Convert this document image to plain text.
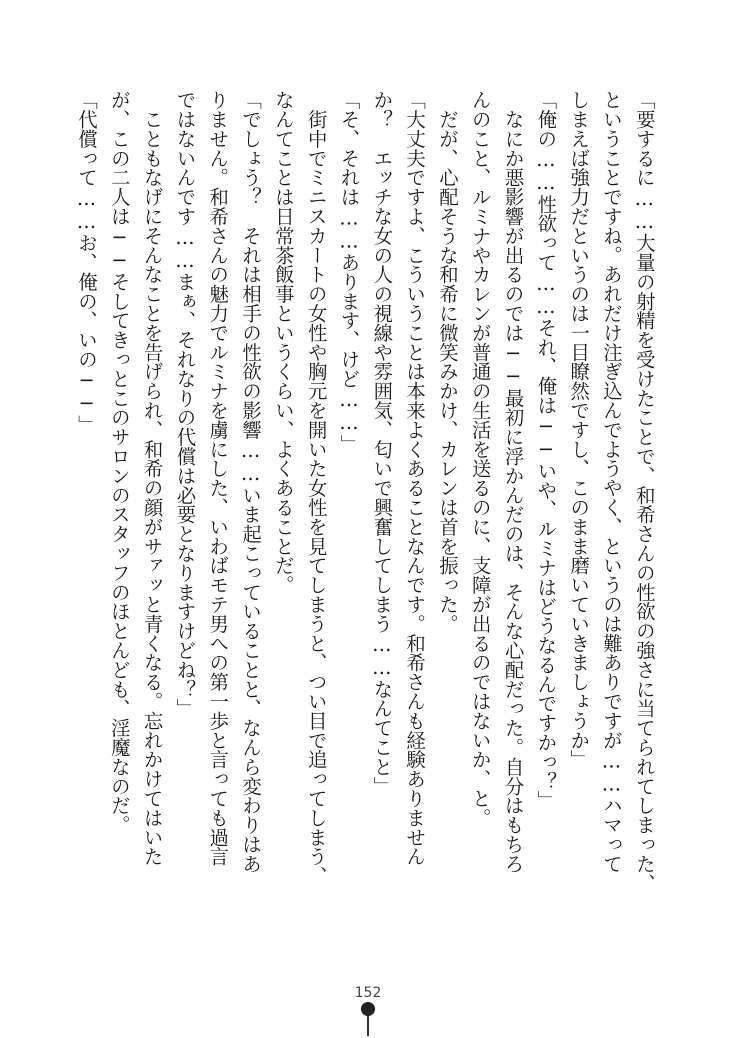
「要するに……大量の射精を受けたことで、和希さんの性欲の強さに当てられてしまった、
ということですね。あれだけ注ぎ込んでようやく、というのは難ありですが……ハマって
しまえば強力だというのは一目瞭然ですし、このまま磨いていきましょうか」
「俺の……性欲って……それ、俺は──いや、ルミナはどうなるんですかっ？」
　なにか悪影響が出るのでは──最初に浮かんだのは、そんな心配だった。自分はもちろ
んのこと、ルミナやカレンが普通の生活を送るのに、支障が出るのではないか、と。
　だが、心配そうな和希に微笑みかけ、カレンは首を振った。
「大丈夫ですよ、こういうことは本来よくあることなんです。和希さんも経験ありません
か？　エッチな女の人の視線や雰囲気、匂いで興奮してしまう……なんてこと」
「そ、それは……あります、けど……」
　街中でミニスカートの女性や胸元を開いた女性を見てしまうと、つい目で追ってしまう、
なんてことは日常茶飯事というくらい、よくあることだ。
「でしょう？　それは相手の性欲の影響……いま起こっていることと、なんら変わりはあ
りません。和希さんの魅力でルミナを虜にした、いわばモテ男への第一歩と言っても過言
ではないんです……まぁ、それなりの代償は必要となりますけどね？」
　こともなげにそんなことを告げられ、和希の顔がサァッと青くなる。忘れかけてはいた
が、この二人は──そしてきっとこのサロンのスタッフのほとんども、淫魔なのだ。
「代償って……お、俺の、いの──」
152
